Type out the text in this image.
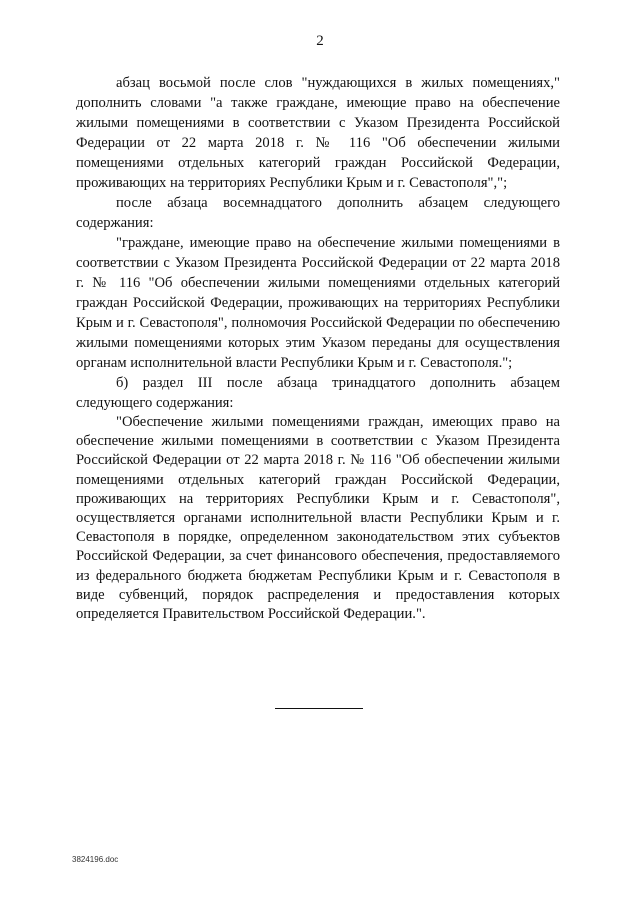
2

абзац восьмой после слов "нуждающихся в жилых помещениях," дополнить словами "а также граждане, имеющие право на обеспечение жилыми помещениями в соответствии с Указом Президента Российской Федерации от 22 марта 2018 г. № 116 "Об обеспечении жилыми помещениями отдельных категорий граждан Российской Федерации, проживающих на территориях Республики Крым и г. Севастополя",";

после абзаца восемнадцатого дополнить абзацем следующего содержания:

"граждане, имеющие право на обеспечение жилыми помещениями в соответствии с Указом Президента Российской Федерации от 22 марта 2018 г. № 116 "Об обеспечении жилыми помещениями отдельных категорий граждан Российской Федерации, проживающих на территориях Республики Крым и г. Севастополя", полномочия Российской Федерации по обеспечению жилыми помещениями которых этим Указом переданы для осуществления органам исполнительной власти Республики Крым и г. Севастополя.";

б) раздел III после абзаца тринадцатого дополнить абзацем следующего содержания:

"Обеспечение жилыми помещениями граждан, имеющих право на обеспечение жилыми помещениями в соответствии с Указом Президента Российской Федерации от 22 марта 2018 г. № 116 "Об обеспечении жилыми помещениями отдельных категорий граждан Российской Федерации, проживающих на территориях Республики Крым и г. Севастополя", осуществляется органами исполнительной власти Республики Крым и г. Севастополя в порядке, определенном законодательством этих субъектов Российской Федерации, за счет финансового обеспечения, предоставляемого из федерального бюджета бюджетам Республики Крым и г. Севастополя в виде субвенций, порядок распределения и предоставления которых определяется Правительством Российской Федерации.".

3824196.doc
